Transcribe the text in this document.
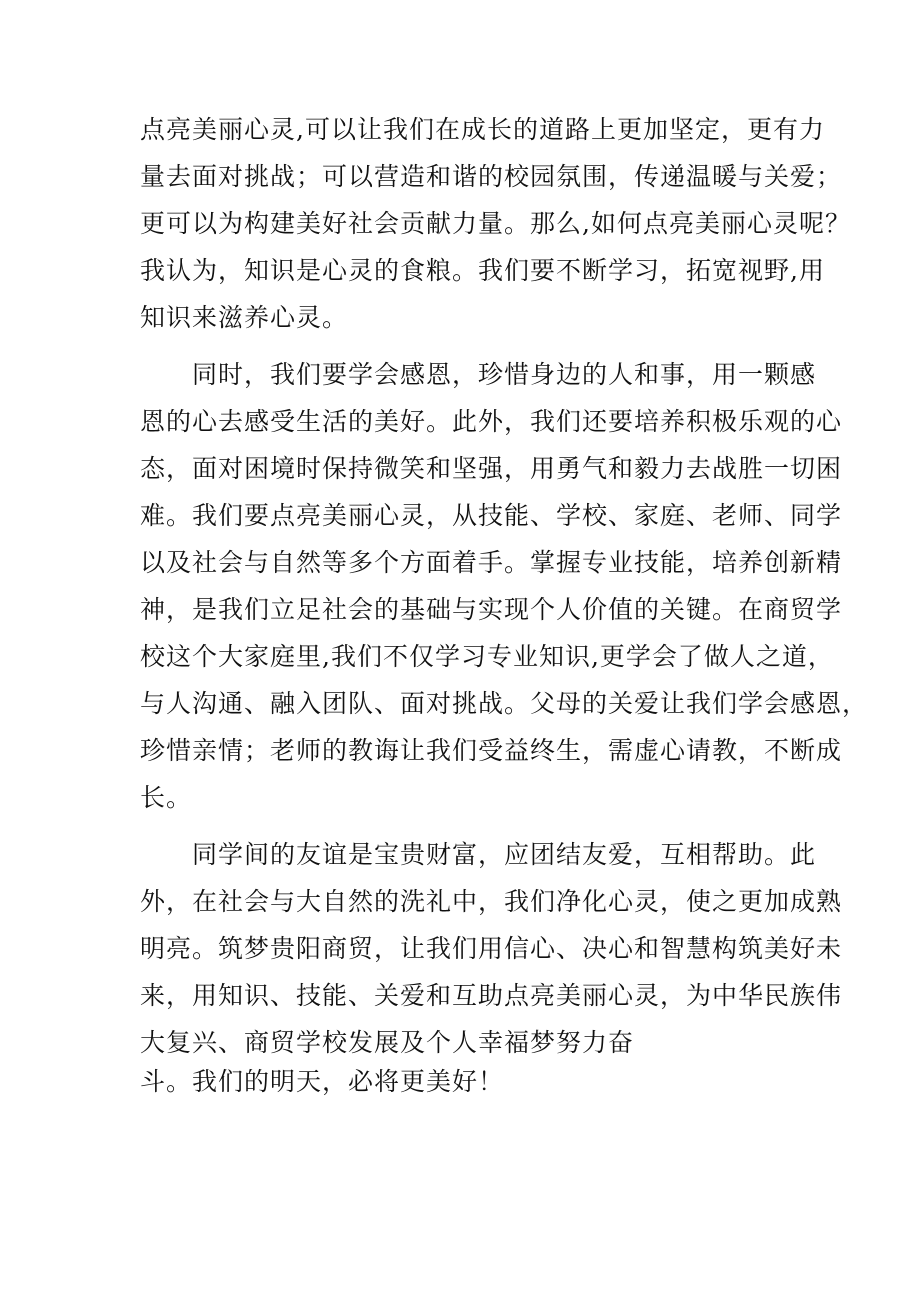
点亮美丽心灵,可以让我们在成长的道路上更加坚定，更有力

量去面对挑战；可以营造和谐的校园氛围，传递温暖与关爱；

更可以为构建美好社会贡献力量。那么,如何点亮美丽心灵呢？

我认为，知识是心灵的食粮。我们要不断学习，拓宽视野,用

知识来滋养心灵。

同时，我们要学会感恩，珍惜身边的人和事，用一颗感

恩的心去感受生活的美好。此外，我们还要培养积极乐观的心

态，面对困境时保持微笑和坚强，用勇气和毅力去战胜一切困

难。我们要点亮美丽心灵，从技能、学校、家庭、老师、同学

以及社会与自然等多个方面着手。掌握专业技能，培养创新精

神，是我们立足社会的基础与实现个人价值的关键。在商贸学

校这个大家庭里,我们不仅学习专业知识,更学会了做人之道，

与人沟通、融入团队、面对挑战。父母的关爱让我们学会感恩，

珍惜亲情；老师的教诲让我们受益终生，需虚心请教，不断成

长。

同学间的友谊是宝贵财富，应团结友爱，互相帮助。此

外，在社会与大自然的洗礼中，我们净化心灵，使之更加成熟

明亮。筑梦贵阳商贸，让我们用信心、决心和智慧构筑美好未

来，用知识、技能、关爱和互助点亮美丽心灵，为中华民族伟

大复兴、商贸学校发展及个人幸福梦努力奋

斗。我们的明天，必将更美好！
